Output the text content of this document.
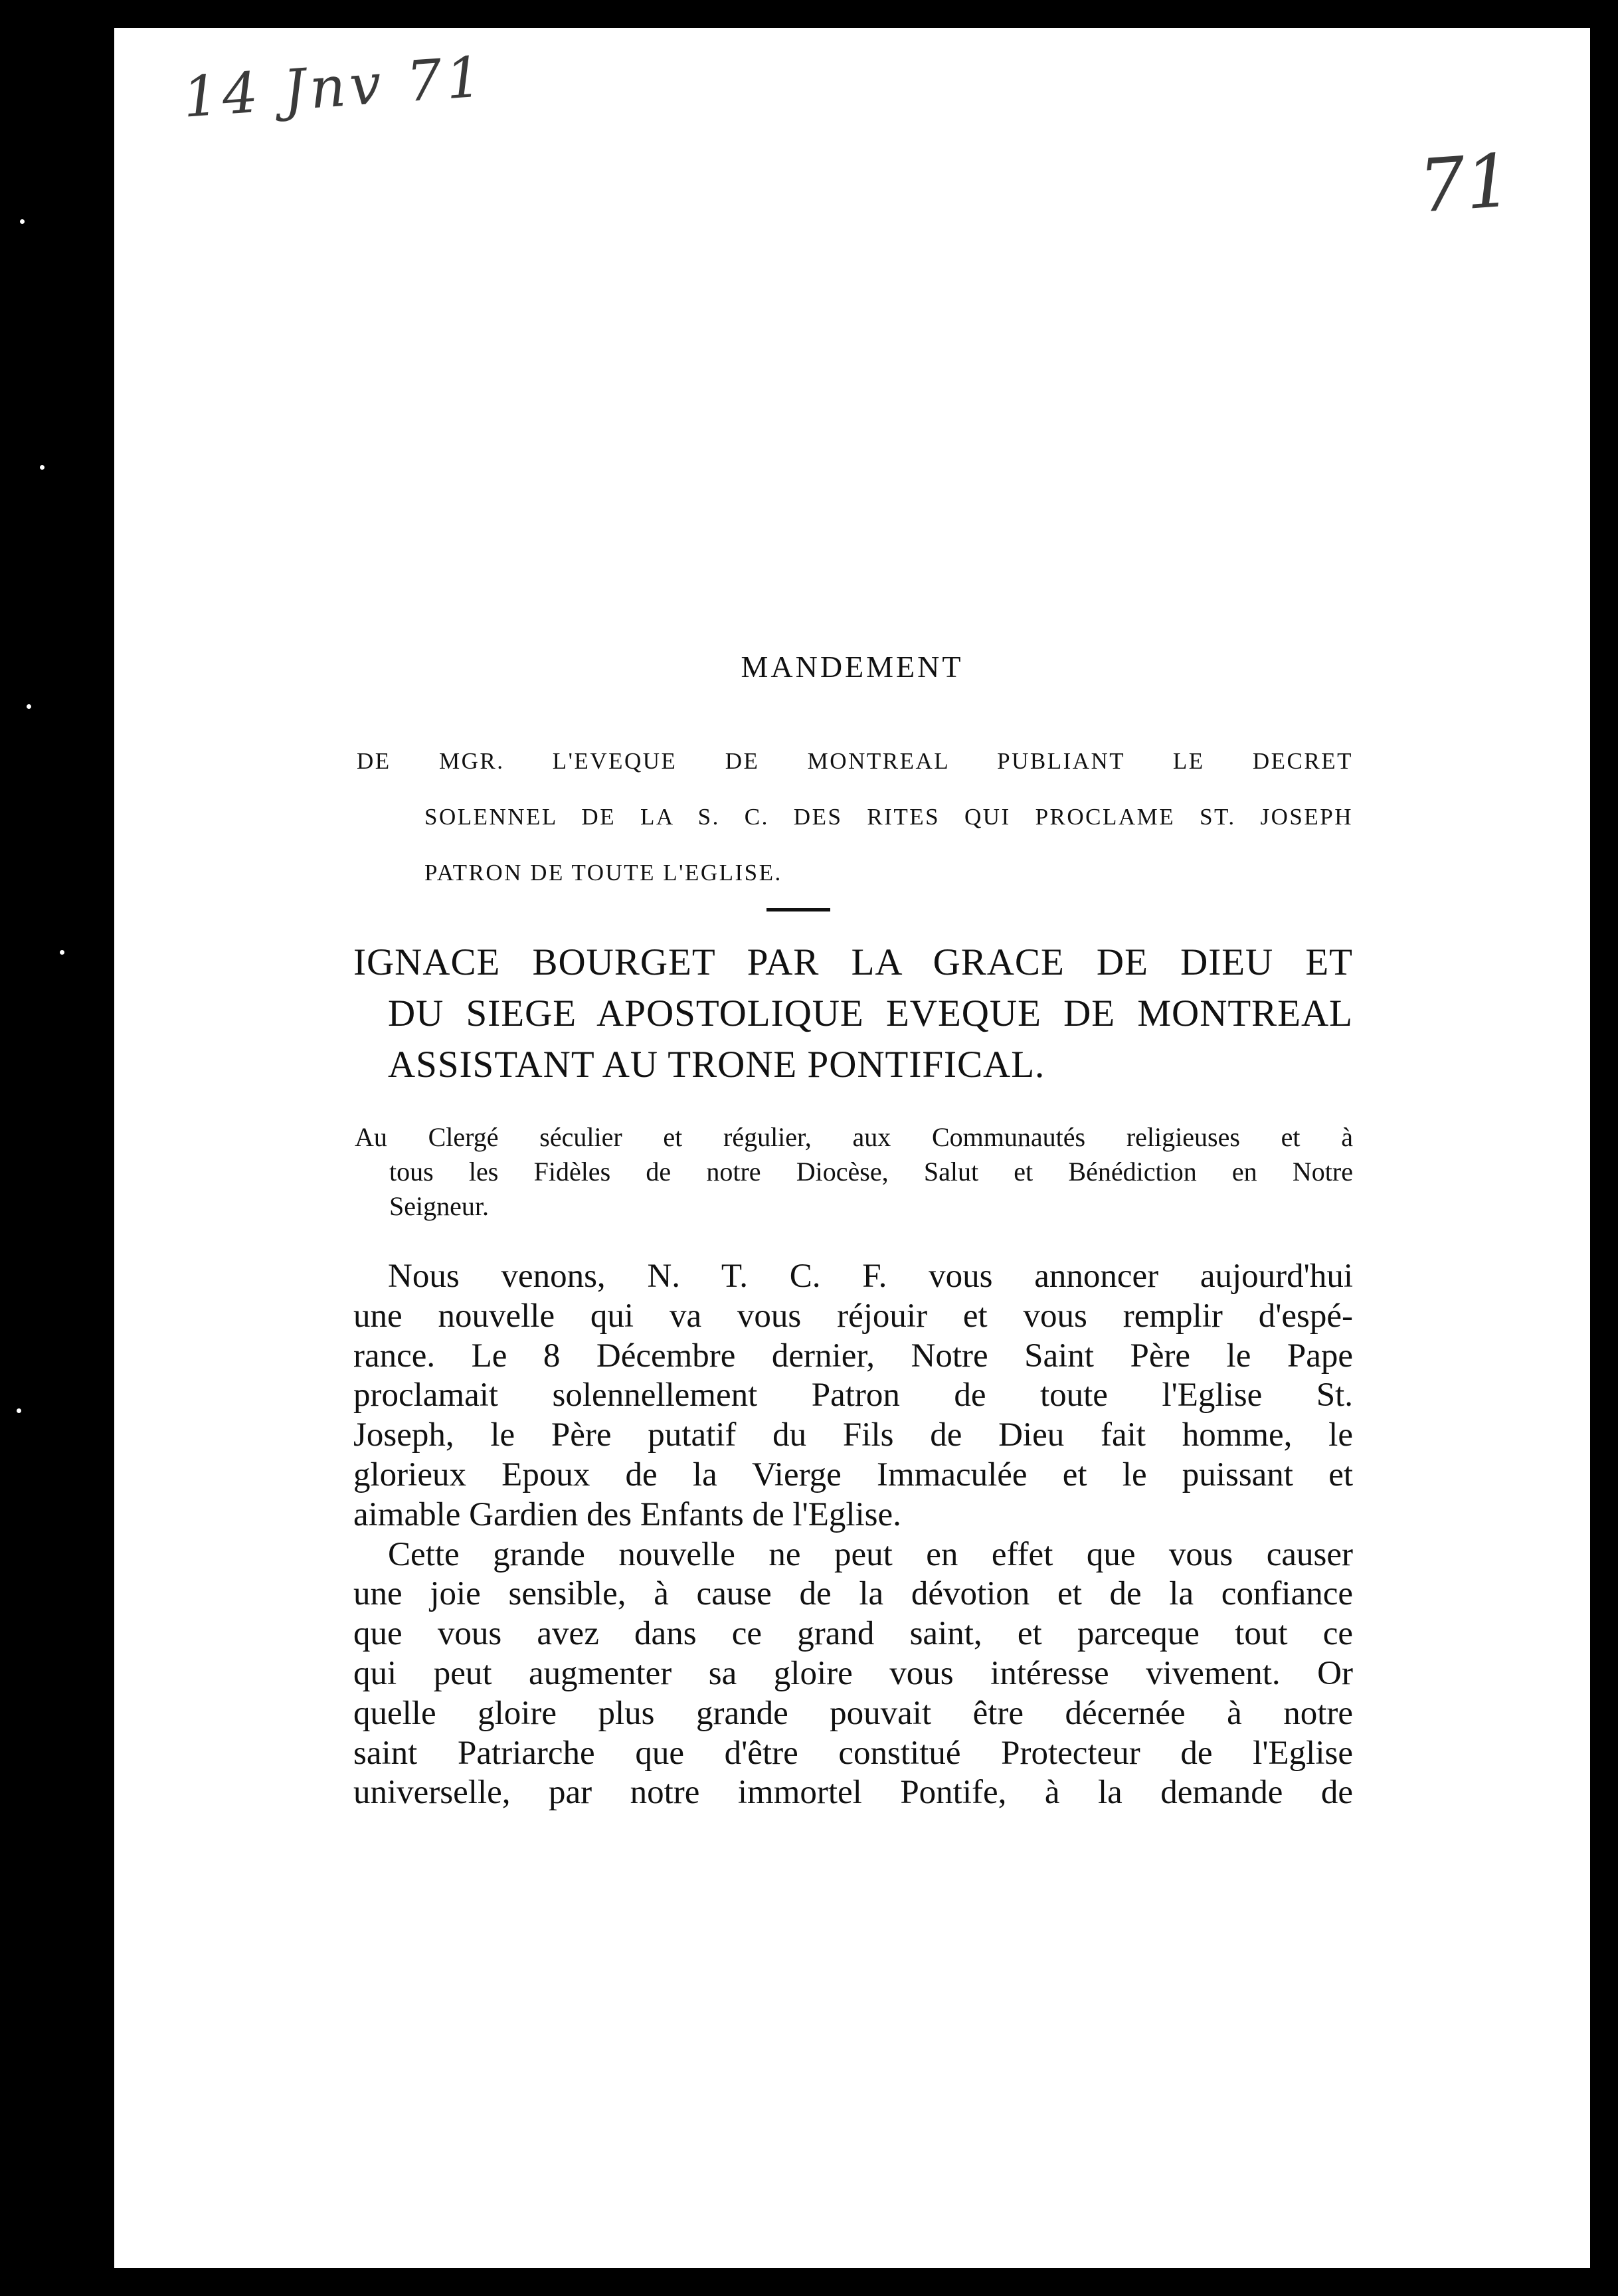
14 Jnv 71
71
MANDEMENT

DE MGR. L'EVEQUE DE MONTREAL PUBLIANT LE DECRET

SOLENNEL DE LA S. C. DES RITES QUI PROCLAME ST. JOSEPH

PATRON DE TOUTE L'EGLISE.

IGNACE BOURGET PAR LA GRACE DE DIEU ET

DU SIEGE APOSTOLIQUE EVEQUE DE MONTREAL

ASSISTANT AU TRONE PONTIFICAL.

Au Clergé séculier et régulier, aux Communautés religieuses et à

tous les Fidèles de notre Diocèse, Salut et Bénédiction en Notre

Seigneur.

Nous venons, N. T. C. F. vous annoncer aujourd'hui

une nouvelle qui va vous réjouir et vous remplir d'espé-

rance. Le 8 Décembre dernier, Notre Saint Père le Pape

proclamait solennellement Patron de toute l'Eglise St.

Joseph, le Père putatif du Fils de Dieu fait homme, le

glorieux Epoux de la Vierge Immaculée et le puissant et

aimable Gardien des Enfants de l'Eglise.

Cette grande nouvelle ne peut en effet que vous causer

une joie sensible, à cause de la dévotion et de la confiance

que vous avez dans ce grand saint, et parceque tout ce

qui peut augmenter sa gloire vous intéresse vivement. Or

quelle gloire plus grande pouvait être décernée à notre

saint Patriarche que d'être constitué Protecteur de l'Eglise

universelle, par notre immortel Pontife, à la demande de
